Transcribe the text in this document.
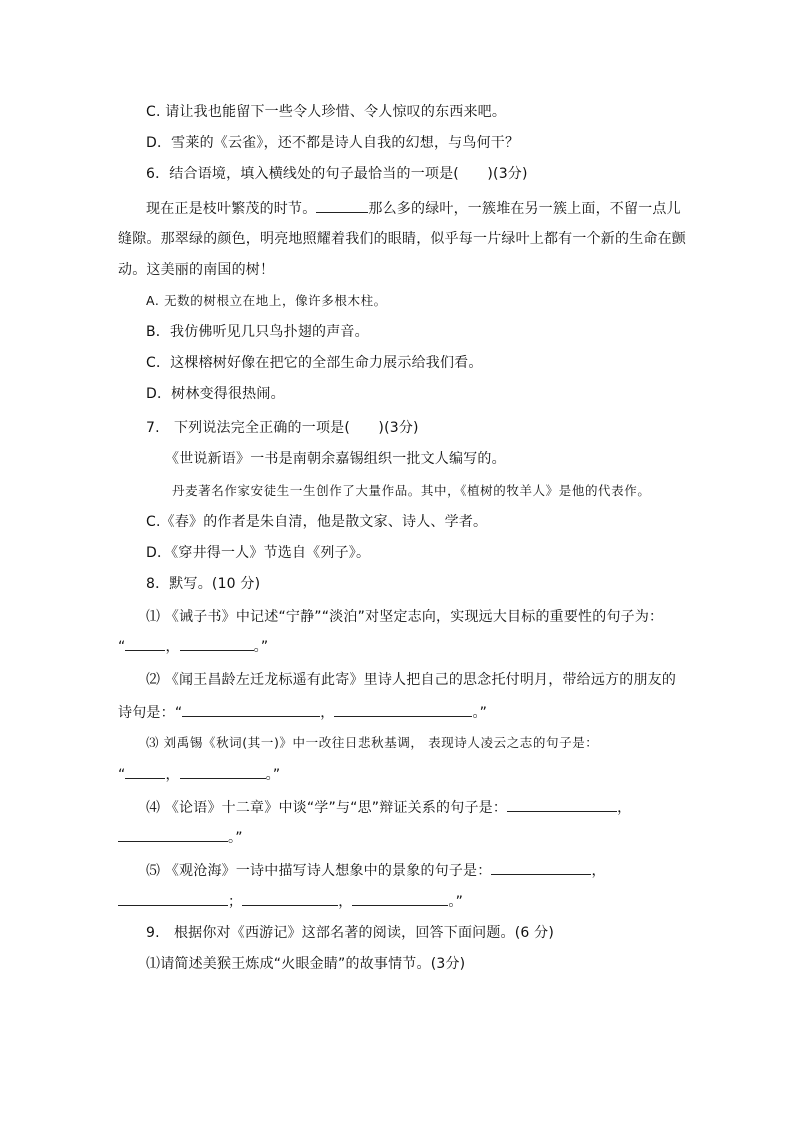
C. 请让我也能留下一些令人珍惜、令人惊叹的东西来吧。
D．雪莱的《云雀》，还不都是诗人自我的幻想，与鸟何干？
6．结合语境，填入横线处的句子最恰当的一项是(　　)(3分)
现在正是枝叶繁茂的时节。	那么多的绿叶，一簇堆在另一簇上面，不留一点儿
缝隙。那翠绿的颜色，明亮地照耀着我们的眼睛，似乎每一片绿叶上都有一个新的生命在颤
动。这美丽的南国的树！
A. 无数的树根立在地上，像许多根木柱。
B．我仿佛听见几只鸟扑翅的声音。
C．这棵榕树好像在把它的全部生命力展示给我们看。
D．树林变得很热闹。
7.　下列说法完全正确的一项是(　　)(3分)
《世说新语》一书是南朝余嘉锡组织一批文人编写的。
丹麦著名作家安徒生一生创作了大量作品。其中，《植树的牧羊人》是他的代表作。
C.《春》的作者是朱自清，他是散文家、诗人、学者。
D．《穿井得一人》节选自《列子》。
8．默写。(10 分)
⑴ 《诫子书》中记述“宁静”“淡泊”对坚定志向，实现远大目标的重要性的句子为：
“	，	。”
⑵ 《闻王昌龄左迁龙标遥有此寄》里诗人把自己的思念托付明月，带给远方的朋友的
诗句是：“	，	。”
⑶ 刘禹锡《秋词(其一)》中一改往日悲秋基调， 表现诗人凌云之志的句子是：
“	，	。”
⑷ 《论语》十二章》中谈“学”与“思”辩证关系的句子是：	，
。”
⑸ 《观沧海》一诗中描写诗人想象中的景象的句子是：	，
；	，	。”
9.　根据你对《西游记》这部名著的阅读，回答下面问题。(6 分)
⑴请简述美猴王炼成“火眼金睛”的故事情节。(3分)
